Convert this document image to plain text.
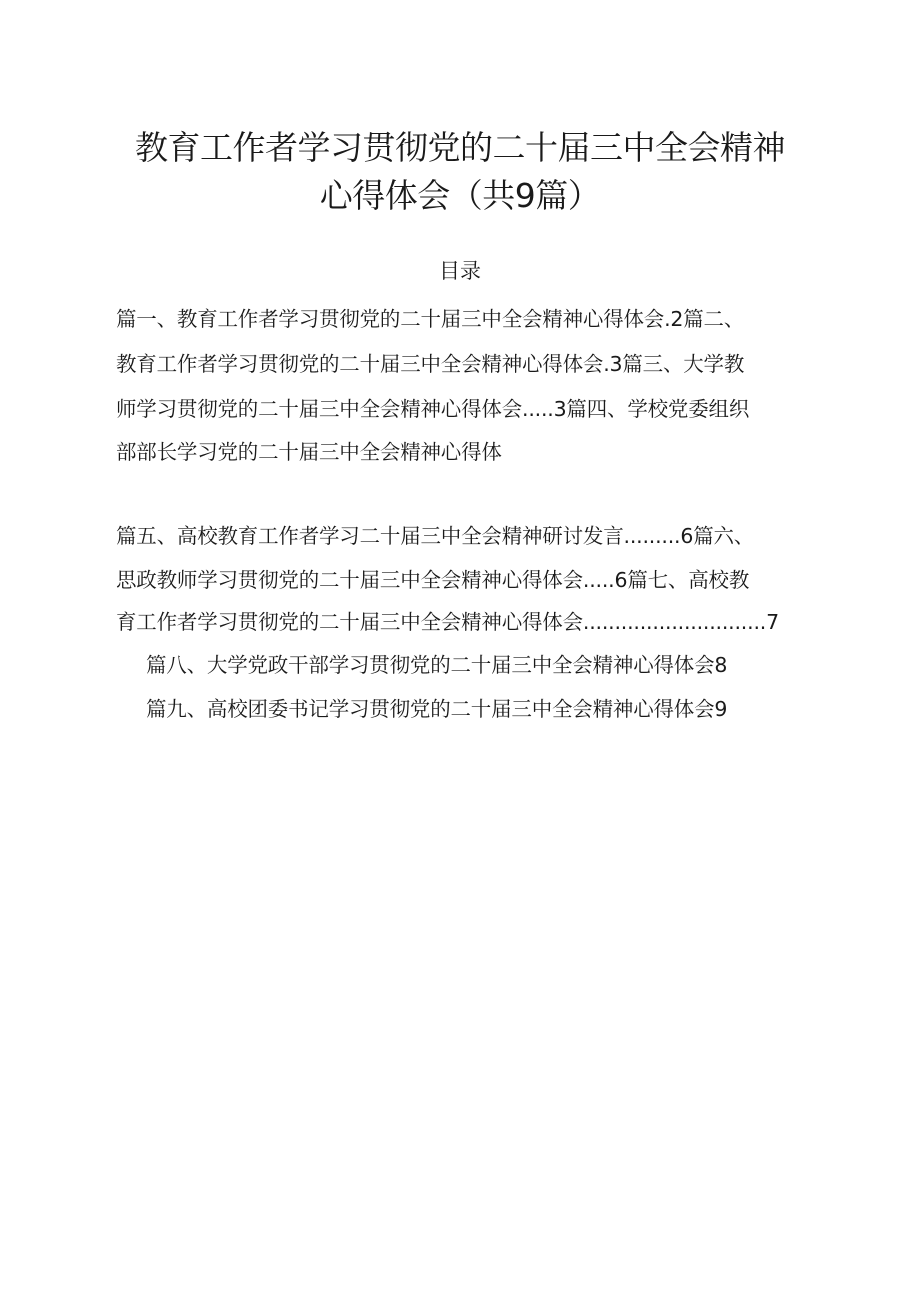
教育工作者学习贯彻党的二十届三中全会精神
心得体会（共9篇）
目录
篇一、教育工作者学习贯彻党的二十届三中全会精神心得体会.2篇二、
教育工作者学习贯彻党的二十届三中全会精神心得体会.3篇三、大学教
师学习贯彻党的二十届三中全会精神心得体会.....3篇四、学校党委组织
部部长学习党的二十届三中全会精神心得体
篇五、高校教育工作者学习二十届三中全会精神研讨发言.........6篇六、
思政教师学习贯彻党的二十届三中全会精神心得体会.....6篇七、高校教
育工作者学习贯彻党的二十届三中全会精神心得体会.............................7
篇八、大学党政干部学习贯彻党的二十届三中全会精神心得体会8
篇九、高校团委书记学习贯彻党的二十届三中全会精神心得体会9
